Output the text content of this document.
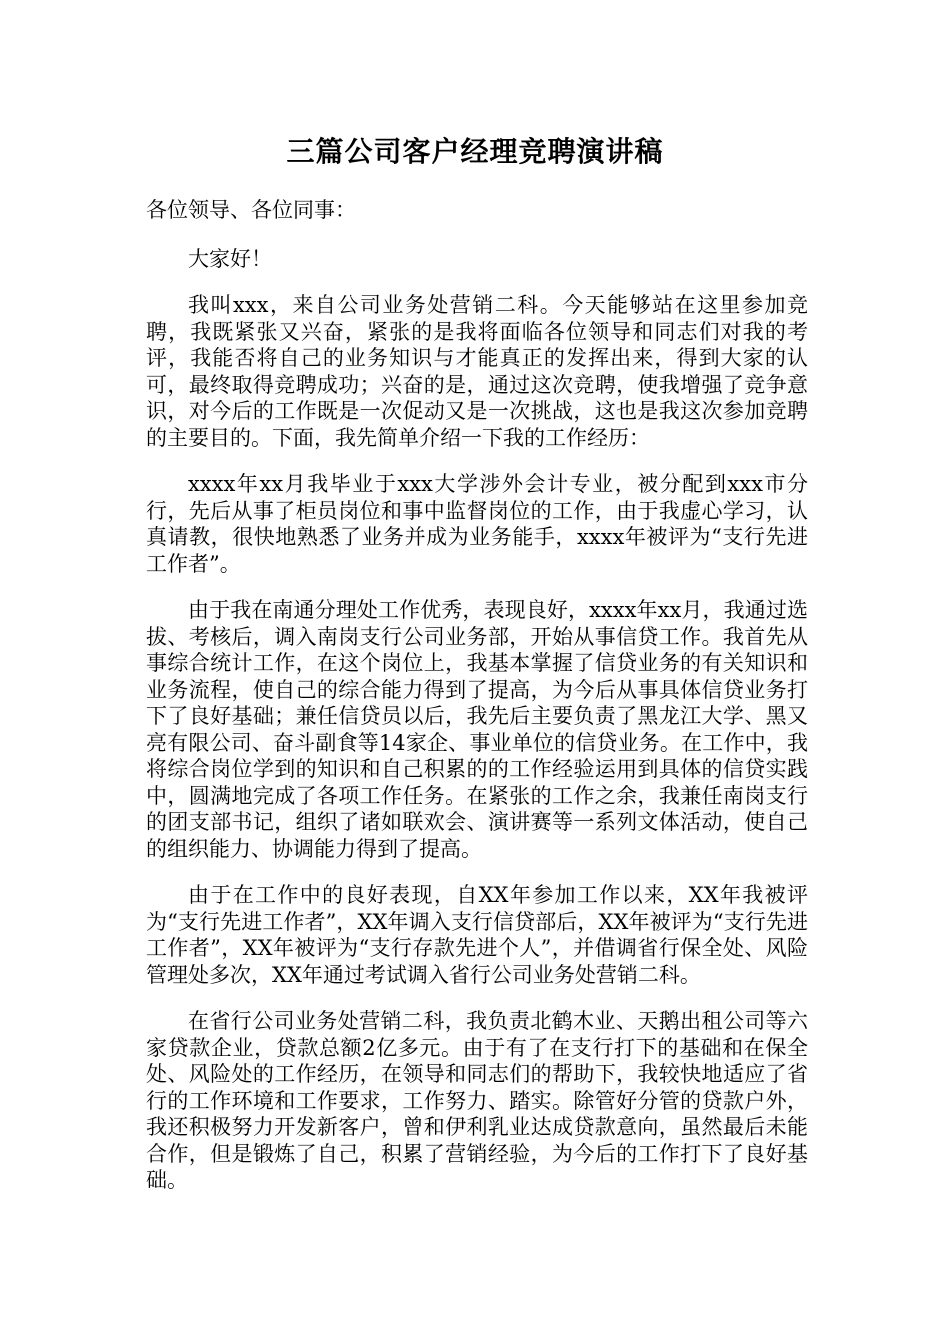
三篇公司客户经理竞聘演讲稿

各位领导、各位同事：

大家好！

我叫xxx，来自公司业务处营销二科。今天能够站在这里参加竞聘，我既紧张又兴奋，紧张的是我将面临各位领导和同志们对我的考评，我能否将自己的业务知识与才能真正的发挥出来，得到大家的认可，最终取得竞聘成功；兴奋的是，通过这次竞聘，使我增强了竞争意识，对今后的工作既是一次促动又是一次挑战，这也是我这次参加竞聘的主要目的。下面，我先简单介绍一下我的工作经历：

xxxx年xx月我毕业于xxx大学涉外会计专业，被分配到xxx市分行，先后从事了柜员岗位和事中监督岗位的工作，由于我虚心学习，认真请教，很快地熟悉了业务并成为业务能手，xxxx年被评为“支行先进工作者”。

由于我在南通分理处工作优秀，表现良好，xxxx年xx月，我通过选拔、考核后，调入南岗支行公司业务部，开始从事信贷工作。我首先从事综合统计工作，在这个岗位上，我基本掌握了信贷业务的有关知识和业务流程，使自己的综合能力得到了提高，为今后从事具体信贷业务打下了良好基础；兼任信贷员以后，我先后主要负责了黑龙江大学、黑又亮有限公司、奋斗副食等14家企、事业单位的信贷业务。在工作中，我将综合岗位学到的知识和自己积累的的工作经验运用到具体的信贷实践中，圆满地完成了各项工作任务。在紧张的工作之余，我兼任南岗支行的团支部书记，组织了诸如联欢会、演讲赛等一系列文体活动，使自己的组织能力、协调能力得到了提高。

由于在工作中的良好表现，自XX年参加工作以来，XX年我被评为“支行先进工作者”，XX年调入支行信贷部后，XX年被评为“支行先进工作者”，XX年被评为“支行存款先进个人”，并借调省行保全处、风险管理处多次，XX年通过考试调入省行公司业务处营销二科。

在省行公司业务处营销二科，我负责北鹤木业、天鹅出租公司等六家贷款企业，贷款总额2亿多元。由于有了在支行打下的基础和在保全处、风险处的工作经历，在领导和同志们的帮助下，我较快地适应了省行的工作环境和工作要求，工作努力、踏实。除管好分管的贷款户外，我还积极努力开发新客户，曾和伊利乳业达成贷款意向，虽然最后未能合作，但是锻炼了自己，积累了营销经验，为今后的工作打下了良好基础。
